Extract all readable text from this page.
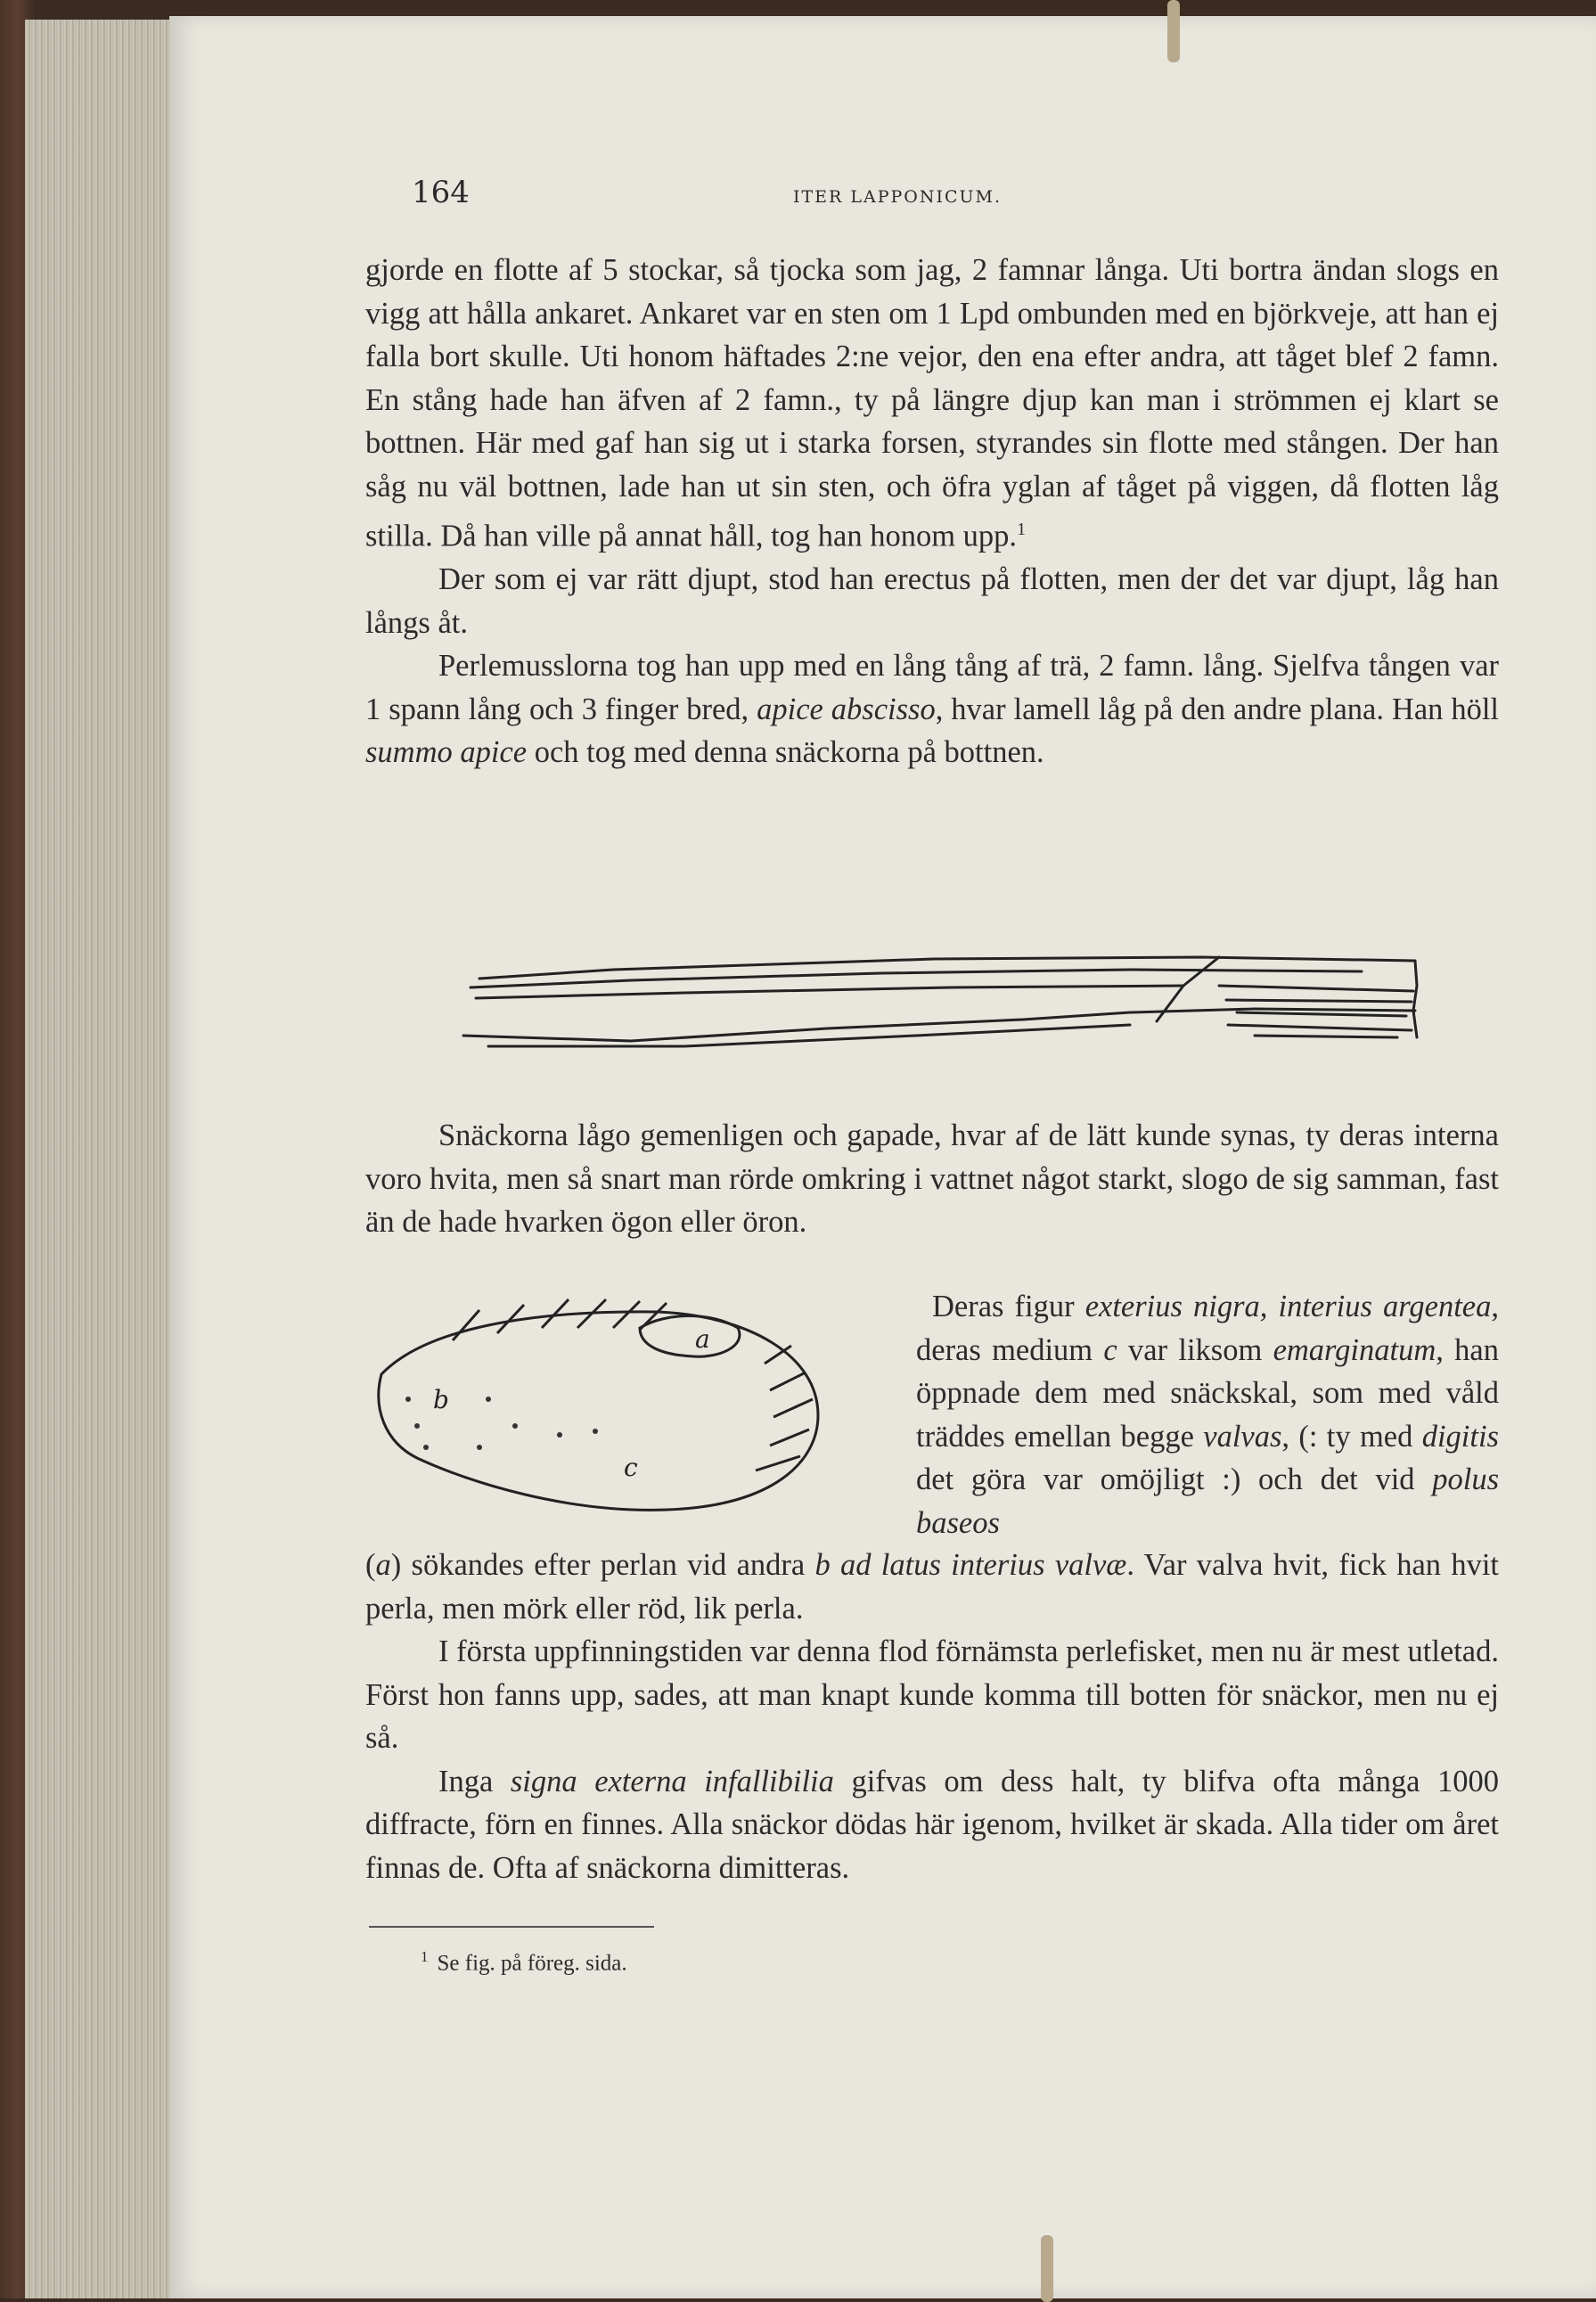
164	ITER LAPPONICUM.

gjorde en flotte af 5 stockar, så tjocka som jag, 2 famnar långa. Uti bortra ändan slogs en vigg att hålla ankaret. Ankaret var en sten om 1 Lpd ombunden med en björkveje, att han ej falla bort skulle. Uti honom häftades 2:ne vejor, den ena efter andra, att tåget blef 2 famn. En stång hade han äfven af 2 famn., ty på längre djup kan man i strömmen ej klart se bottnen. Här med gaf han sig ut i starka forsen, styrandes sin flotte med stången. Der han såg nu väl bottnen, lade han ut sin sten, och öfra yglan af tåget på viggen, då flotten låg stilla. Då han ville på annat håll, tog han honom upp.$^1$

Der som ej var rätt djupt, stod han erectus på flotten, men der det var djupt, låg han långs åt.

Perlemusslorna tog han upp med en lång tång af trä, 2 famn. lång. Sjelfva tången var 1 spann lång och 3 finger bred, apice abscisso, hvar lamell låg på den andre plana. Han höll summo apice och tog med denna snäckorna på bottnen.

Snäckorna lågo gemenligen och gapade, hvar af de lätt kunde synas, ty deras interna voro hvita, men så snart man rörde omkring i vattnet något starkt, slogo de sig samman, fast än de hade hvarken ögon eller öron.

b
a
c

Deras figur exterius nigra, interius argentea, deras medium c var liksom emarginatum, han öppnade dem med snäckskal, som med våld träddes emellan begge valvas, (: ty med digitis det göra var omöjligt :) och det vid polus baseos

(a) sökandes efter perlan vid andra b ad latus interius valvæ. Var valva hvit, fick han hvit perla, men mörk eller röd, lik perla.

I första uppfinningstiden var denna flod förnämsta perlefisket, men nu är mest utletad. Först hon fanns upp, sades, att man knapt kunde komma till botten för snäckor, men nu ej så.

Inga signa externa infallibilia gifvas om dess halt, ty blifva ofta många 1000 diffracte, förn en finnes. Alla snäckor dödas här igenom, hvilket är skada. Alla tider om året finnas de. Ofta af snäckorna dimitteras.

$^1$ Se fig. på föreg. sida.
